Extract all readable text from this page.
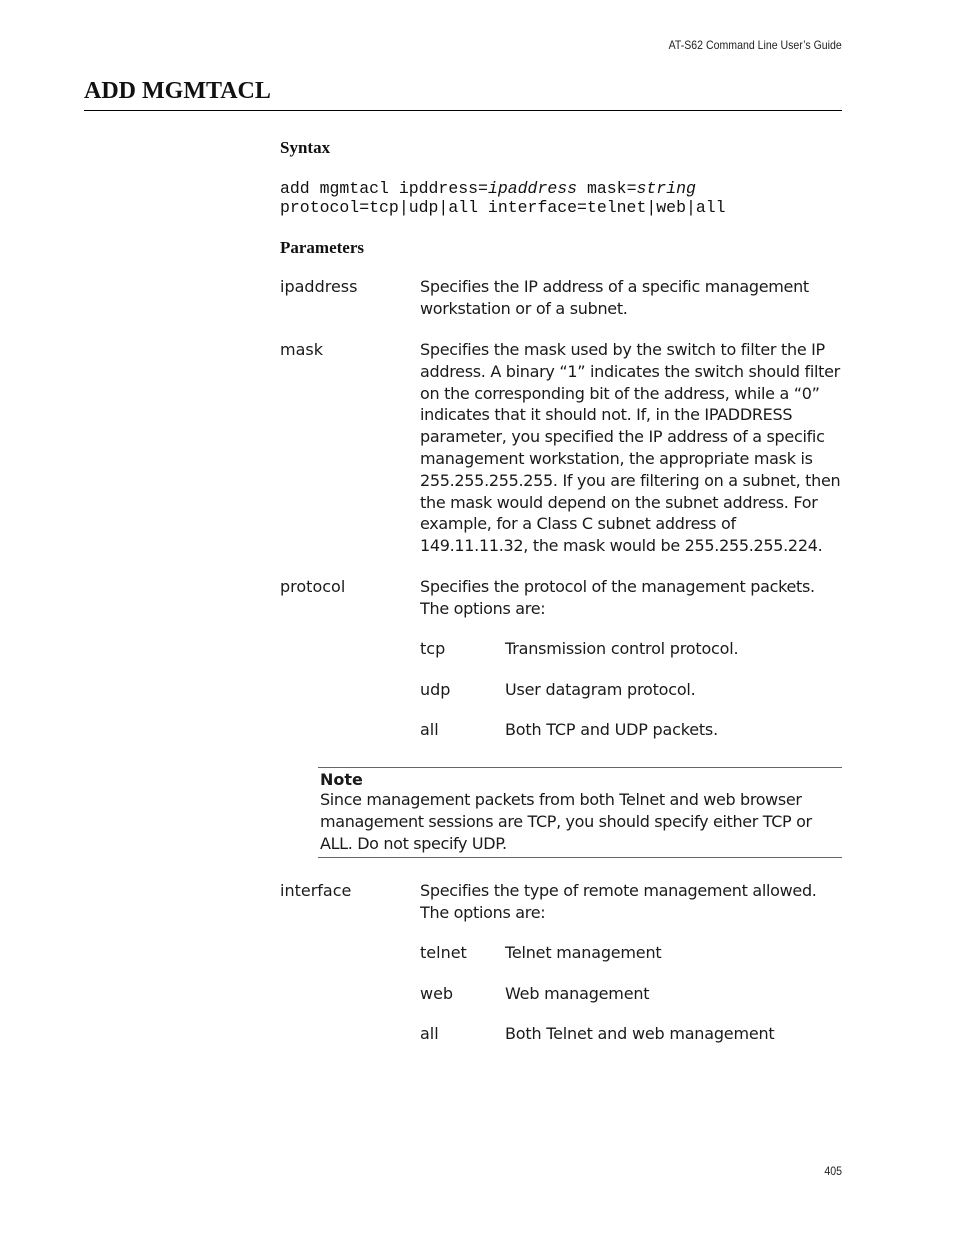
AT-S62 Command Line User’s Guide
ADD MGMTACL
Syntax
add mgmtacl ipddress=ipaddress mask=string
protocol=tcp|udp|all interface=telnet|web|all
Parameters
ipaddress	Specifies the IP address of a specific management workstation or of a subnet.
mask	Specifies the mask used by the switch to filter the IP address. A binary “1” indicates the switch should filter on the corresponding bit of the address, while a “0” indicates that it should not. If, in the IPADDRESS parameter, you specified the IP address of a specific management workstation, the appropriate mask is 255.255.255.255. If you are filtering on a subnet, then the mask would depend on the subnet address. For example, for a Class C subnet address of 149.11.11.32, the mask would be 255.255.255.224.
protocol	Specifies the protocol of the management packets. The options are:
tcp	Transmission control protocol.
udp	User datagram protocol.
all	Both TCP and UDP packets.
Note
Since management packets from both Telnet and web browser management sessions are TCP, you should specify either TCP or ALL. Do not specify UDP.
interface	Specifies the type of remote management allowed. The options are:
telnet Telnet management
web	Web management
all	Both Telnet and web management
405
